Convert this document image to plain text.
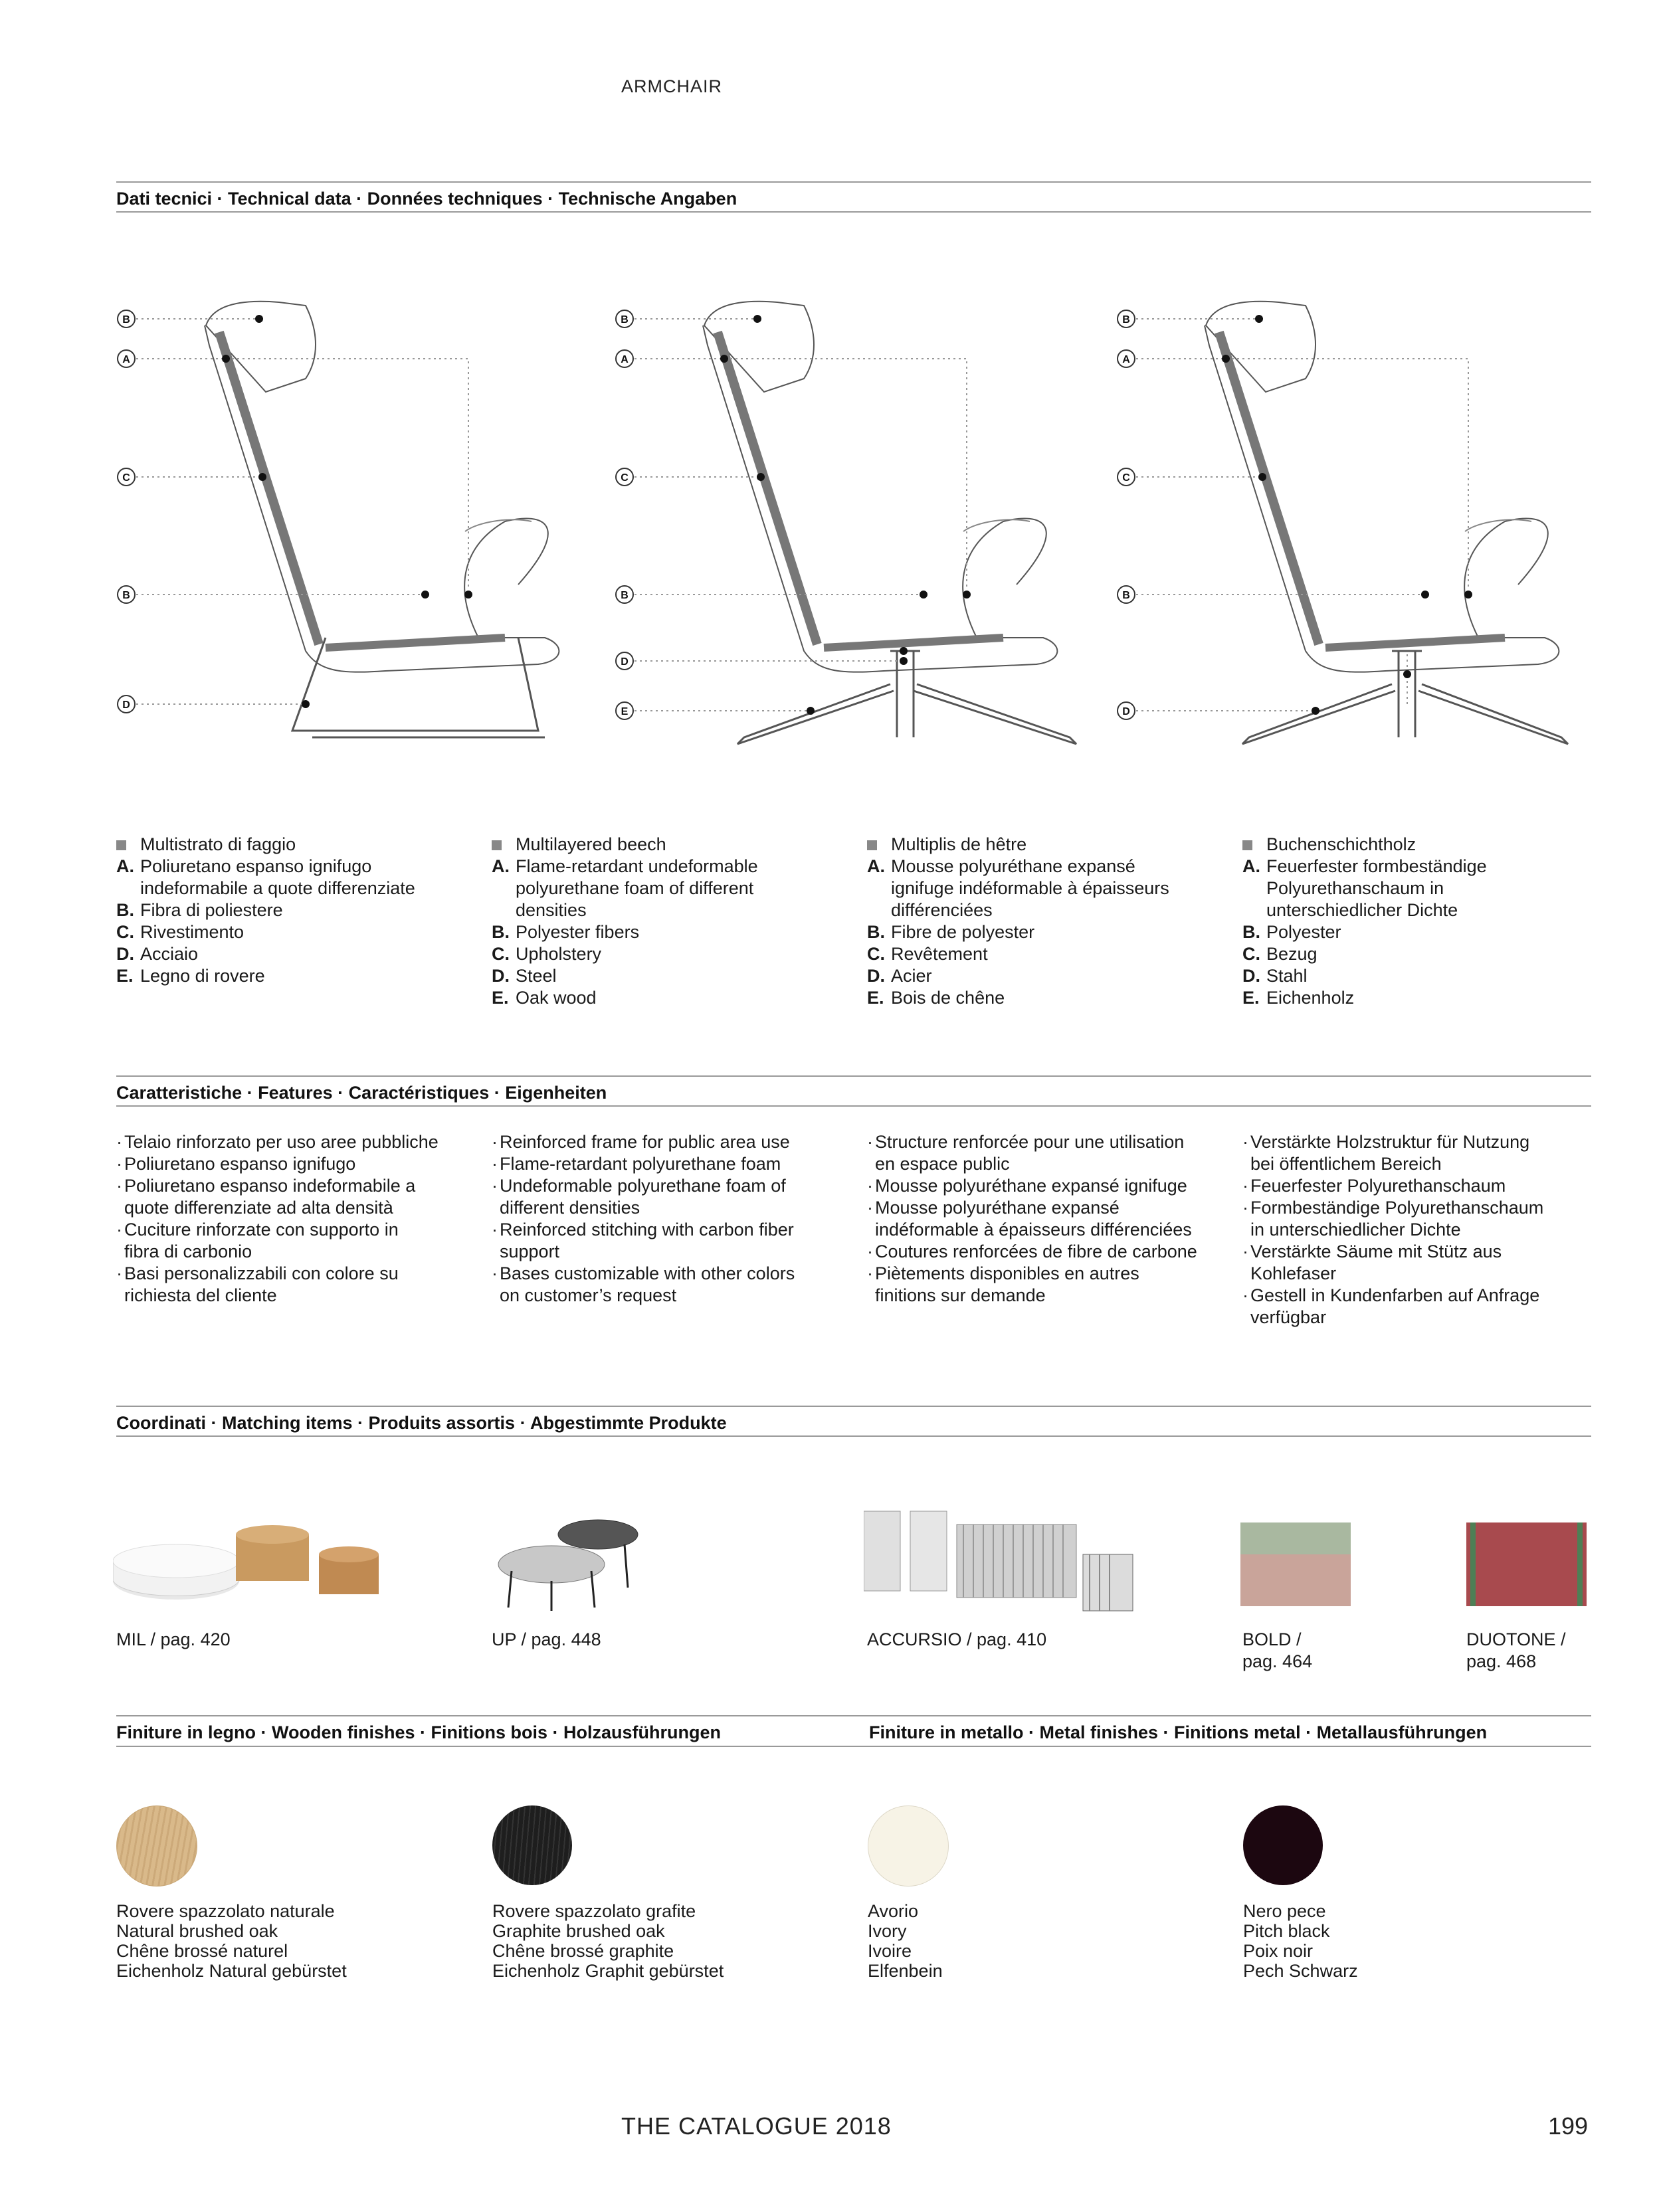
ARMCHAIR
Dati tecnici · Technical data · Données techniques · Technische Angaben
B
A
C
B
D
B
A
C
B
D
E
B
A
C
B
D
Multistrato di faggio
A. Poliuretano espanso ignifugo
indeformabile a quote differenziate
B. Fibra di poliestere
C. Rivestimento
D. Acciaio
E. Legno di rovere
Multilayered beech
A. Flame-retardant undeformable
polyurethane foam of different
densities
B. Polyester fibers
C. Upholstery
D. Steel
E. Oak wood
Multiplis de hêtre
A. Mousse polyuréthane expansé
ignifuge indéformable à épaisseurs
différenciées
B. Fibre de polyester
C. Revêtement
D. Acier
E. Bois de chêne
Buchenschichtholz
A. Feuerfester formbeständige
Polyurethanschaum in
unterschiedlicher Dichte
B. Polyester
C. Bezug
D. Stahl
E. Eichenholz
Caratteristiche · Features · Caractéristiques · Eigenheiten
· Telaio rinforzato per uso aree pubbliche
· Poliuretano espanso ignifugo
· Poliuretano espanso indeformabile a
quote differenziate ad alta densità
· Cuciture rinforzate con supporto in
fibra di carbonio
· Basi personalizzabili con colore su
richiesta del cliente
· Reinforced frame for public area use
· Flame-retardant polyurethane foam
· Undeformable polyurethane foam of
different densities
· Reinforced stitching with carbon fiber
support
· Bases customizable with other colors
on customer’s request
· Structure renforcée pour une utilisation
en espace public
· Mousse polyuréthane expansé ignifuge
· Mousse polyuréthane expansé
indéformable à épaisseurs différenciées
· Coutures renforcées de fibre de carbone
· Piètements disponibles en autres
finitions sur demande
· Verstärkte Holzstruktur für Nutzung
bei öffentlichem Bereich
· Feuerfester Polyurethanschaum
· Formbeständige Polyurethanschaum
in unterschiedlicher Dichte
· Verstärkte Säume mit Stütz aus
Kohlefaser
· Gestell in Kundenfarben auf Anfrage
verfügbar
Coordinati · Matching items · Produits assortis · Abgestimmte Produkte
MIL / pag. 420	UP / pag. 448	ACCURSIO / pag. 410	BOLD /
pag. 464
DUOTONE /
pag. 468
Finiture in legno · Wooden finishes · Finitions bois · Holzausführungen	Finiture in metallo · Metal finishes · Finitions metal · Metallausführungen
Rovere spazzolato naturale
Natural brushed oak
Chêne brossé naturel
Eichenholz Natural gebürstet
Rovere spazzolato grafite
Graphite brushed oak
Chêne brossé graphite
Eichenholz Graphit gebürstet
Avorio
Ivory
Ivoire
Elfenbein
Nero pece
Pitch black
Poix noir
Pech Schwarz
THE CATALOGUE 2018	199
